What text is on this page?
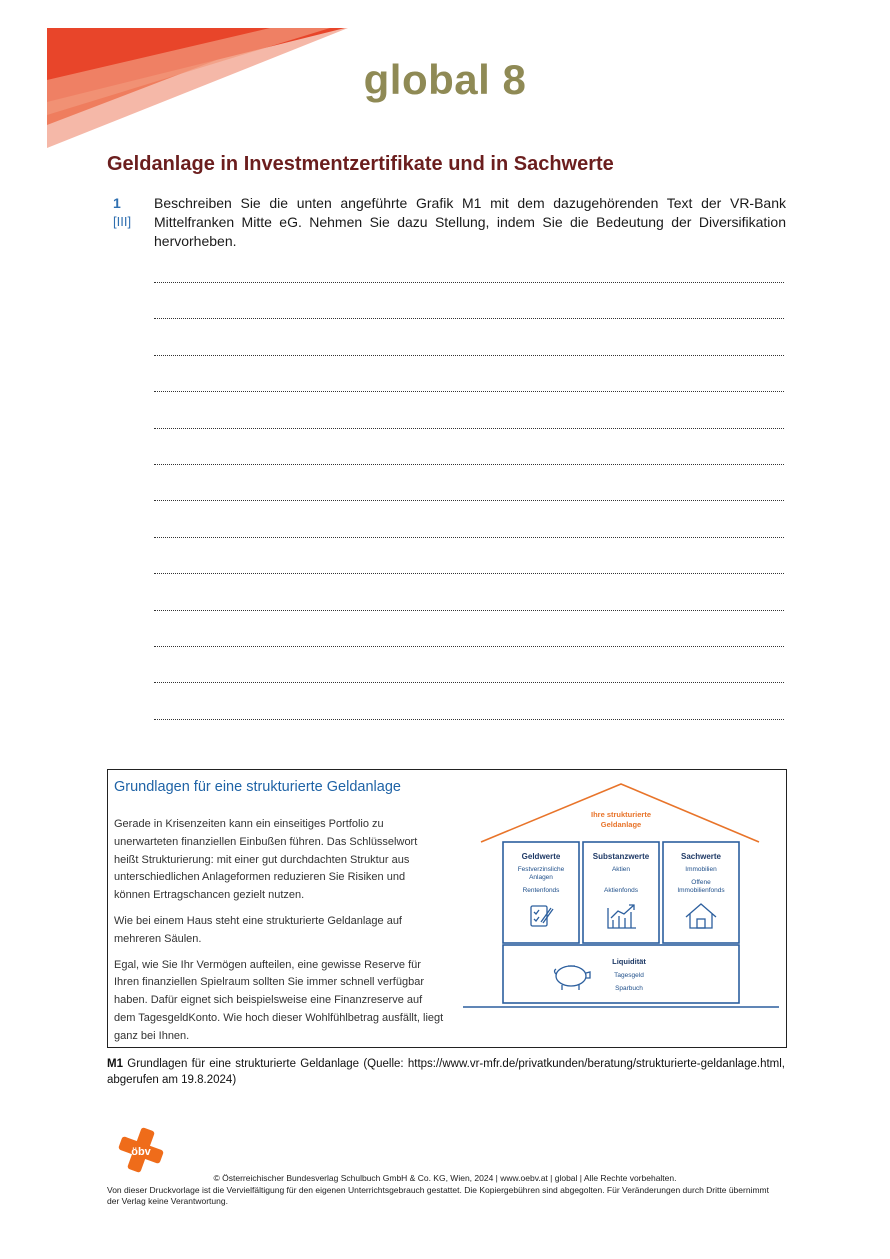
global 8
Geldanlage in Investmentzertifikate und in Sachwerte
1
[III]
Beschreiben Sie die unten angeführte Grafik M1 mit dem dazugehörenden Text der VR-Bank Mittelfranken Mitte eG. Nehmen Sie dazu Stellung, indem Sie die Bedeutung der Diversifikation hervorheben.
Grundlagen für eine strukturierte Geldanlage

Gerade in Krisenzeiten kann ein einseitiges Portfolio zu unerwarteten finanziellen Einbußen führen. Das Schlüsselwort heißt Strukturierung: mit einer gut durchdachten Struktur aus unterschiedlichen Anlageformen reduzieren Sie Risiken und können Ertragschancen gezielt nutzen.

Wie bei einem Haus steht eine strukturierte Geldanlage auf mehreren Säulen.

Egal, wie Sie Ihr Vermögen aufteilen, eine gewisse Reserve für Ihren finanziellen Spielraum sollten Sie immer schnell verfügbar haben. Dafür eignet sich beispielsweise eine Finanzreserve auf dem TagesgeldKonto. Wie hoch dieser Wohlfühlbetrag ausfällt, liegt ganz bei Ihnen.

Ihre strukturierte
Geldanlage
Geldwerte
Festverzinsliche
Anlagen
Rentenfonds
Substanzwerte
Aktien
Aktienfonds
Sachwerte
Immobilien
Offene
Immobilienfonds
Liquidität
Tagesgeld
Sparbuch
M1 Grundlagen für eine strukturierte Geldanlage (Quelle: https://www.vr-mfr.de/privatkunden/beratung/strukturierte-geldanlage.html, abgerufen am 19.8.2024)
öbv
© Österreichischer Bundesverlag Schulbuch GmbH & Co. KG, Wien, 2024 | www.oebv.at | global | Alle Rechte vorbehalten.
Von dieser Druckvorlage ist die Vervielfältigung für den eigenen Unterrichtsgebrauch gestattet. Die Kopiergebühren sind abgegolten. Für Veränderungen durch Dritte übernimmt der Verlag keine Verantwortung.
